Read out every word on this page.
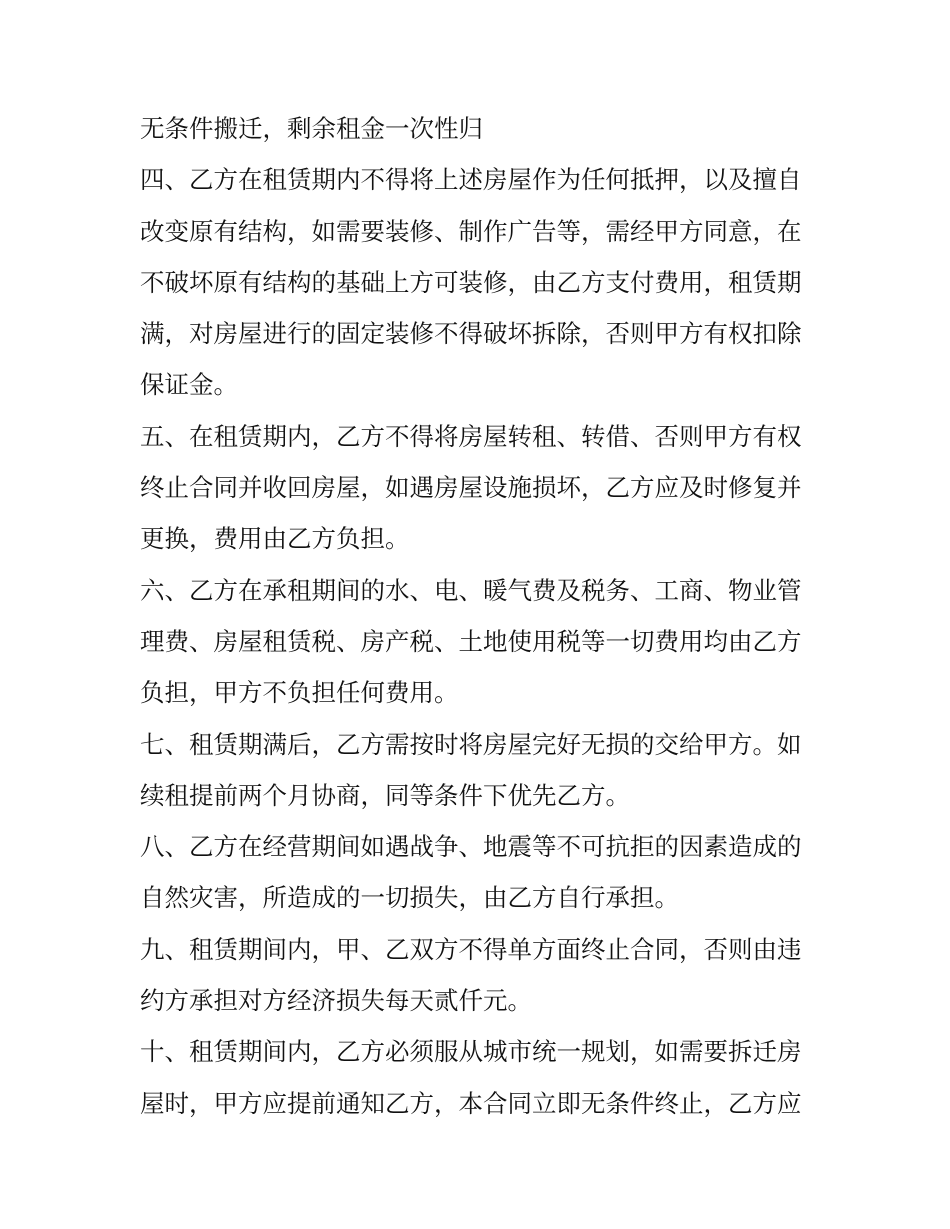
无条件搬迁，剩余租金一次性归
四、乙方在租赁期内不得将上述房屋作为任何抵押，以及擅自
改变原有结构，如需要装修、制作广告等，需经甲方同意，在
不破坏原有结构的基础上方可装修，由乙方支付费用，租赁期
满，对房屋进行的固定装修不得破坏拆除，否则甲方有权扣除
保证金。
五、在租赁期内，乙方不得将房屋转租、转借、否则甲方有权
终止合同并收回房屋，如遇房屋设施损坏，乙方应及时修复并
更换，费用由乙方负担。
六、乙方在承租期间的水、电、暖气费及税务、工商、物业管
理费、房屋租赁税、房产税、土地使用税等一切费用均由乙方
负担，甲方不负担任何费用。
七、租赁期满后，乙方需按时将房屋完好无损的交给甲方。如
续租提前两个月协商，同等条件下优先乙方。
八、乙方在经营期间如遇战争、地震等不可抗拒的因素造成的
自然灾害，所造成的一切损失，由乙方自行承担。
九、租赁期间内，甲、乙双方不得单方面终止合同，否则由违
约方承担对方经济损失每天贰仟元。
十、租赁期间内，乙方必须服从城市统一规划，如需要拆迁房
屋时，甲方应提前通知乙方，本合同立即无条件终止，乙方应
